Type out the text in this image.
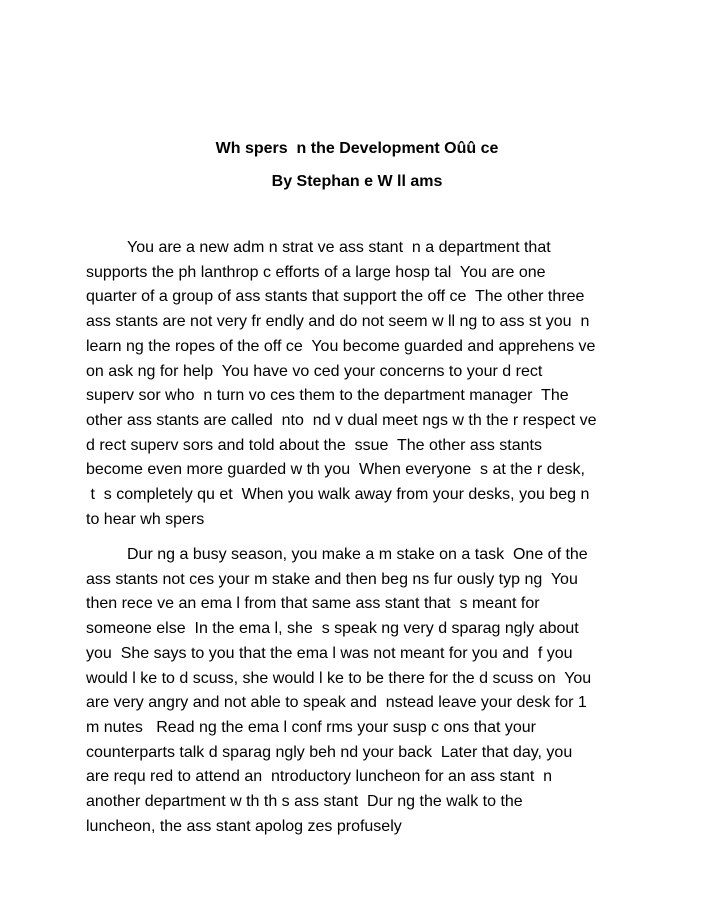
Wh spers  n the Development Oûû ce

By Stephan e W ll ams

You are a new adm n strat ve ass stant  n a department that
supports the ph lanthrop c efforts of a large hosp tal  You are one
quarter of a group of ass stants that support the off ce  The other three
ass stants are not very fr endly and do not seem w ll ng to ass st you  n
learn ng the ropes of the off ce  You become guarded and apprehens ve
on ask ng for help  You have vo ced your concerns to your d rect
superv sor who  n turn vo ces them to the department manager  The
other ass stants are called  nto  nd v dual meet ngs w th the r respect ve
d rect superv sors and told about the  ssue  The other ass stants
become even more guarded w th you  When everyone  s at the r desk,
t  s completely qu et  When you walk away from your desks, you beg n
to hear wh spers

Dur ng a busy season, you make a m stake on a task  One of the
ass stants not ces your m stake and then beg ns fur ously typ ng  You
then rece ve an ema l from that same ass stant that  s meant for
someone else  In the ema l, she  s speak ng very d sparag ngly about
you  She says to you that the ema l was not meant for you and  f you
would l ke to d scuss, she would l ke to be there for the d scuss on  You
are very angry and not able to speak and  nstead leave your desk for 1
m nutes   Read ng the ema l conf rms your susp c ons that your
counterparts talk d sparag ngly beh nd your back  Later that day, you
are requ red to attend an  ntroductory luncheon for an ass stant  n
another department w th th s ass stant  Dur ng the walk to the
luncheon, the ass stant apolog zes profusely
